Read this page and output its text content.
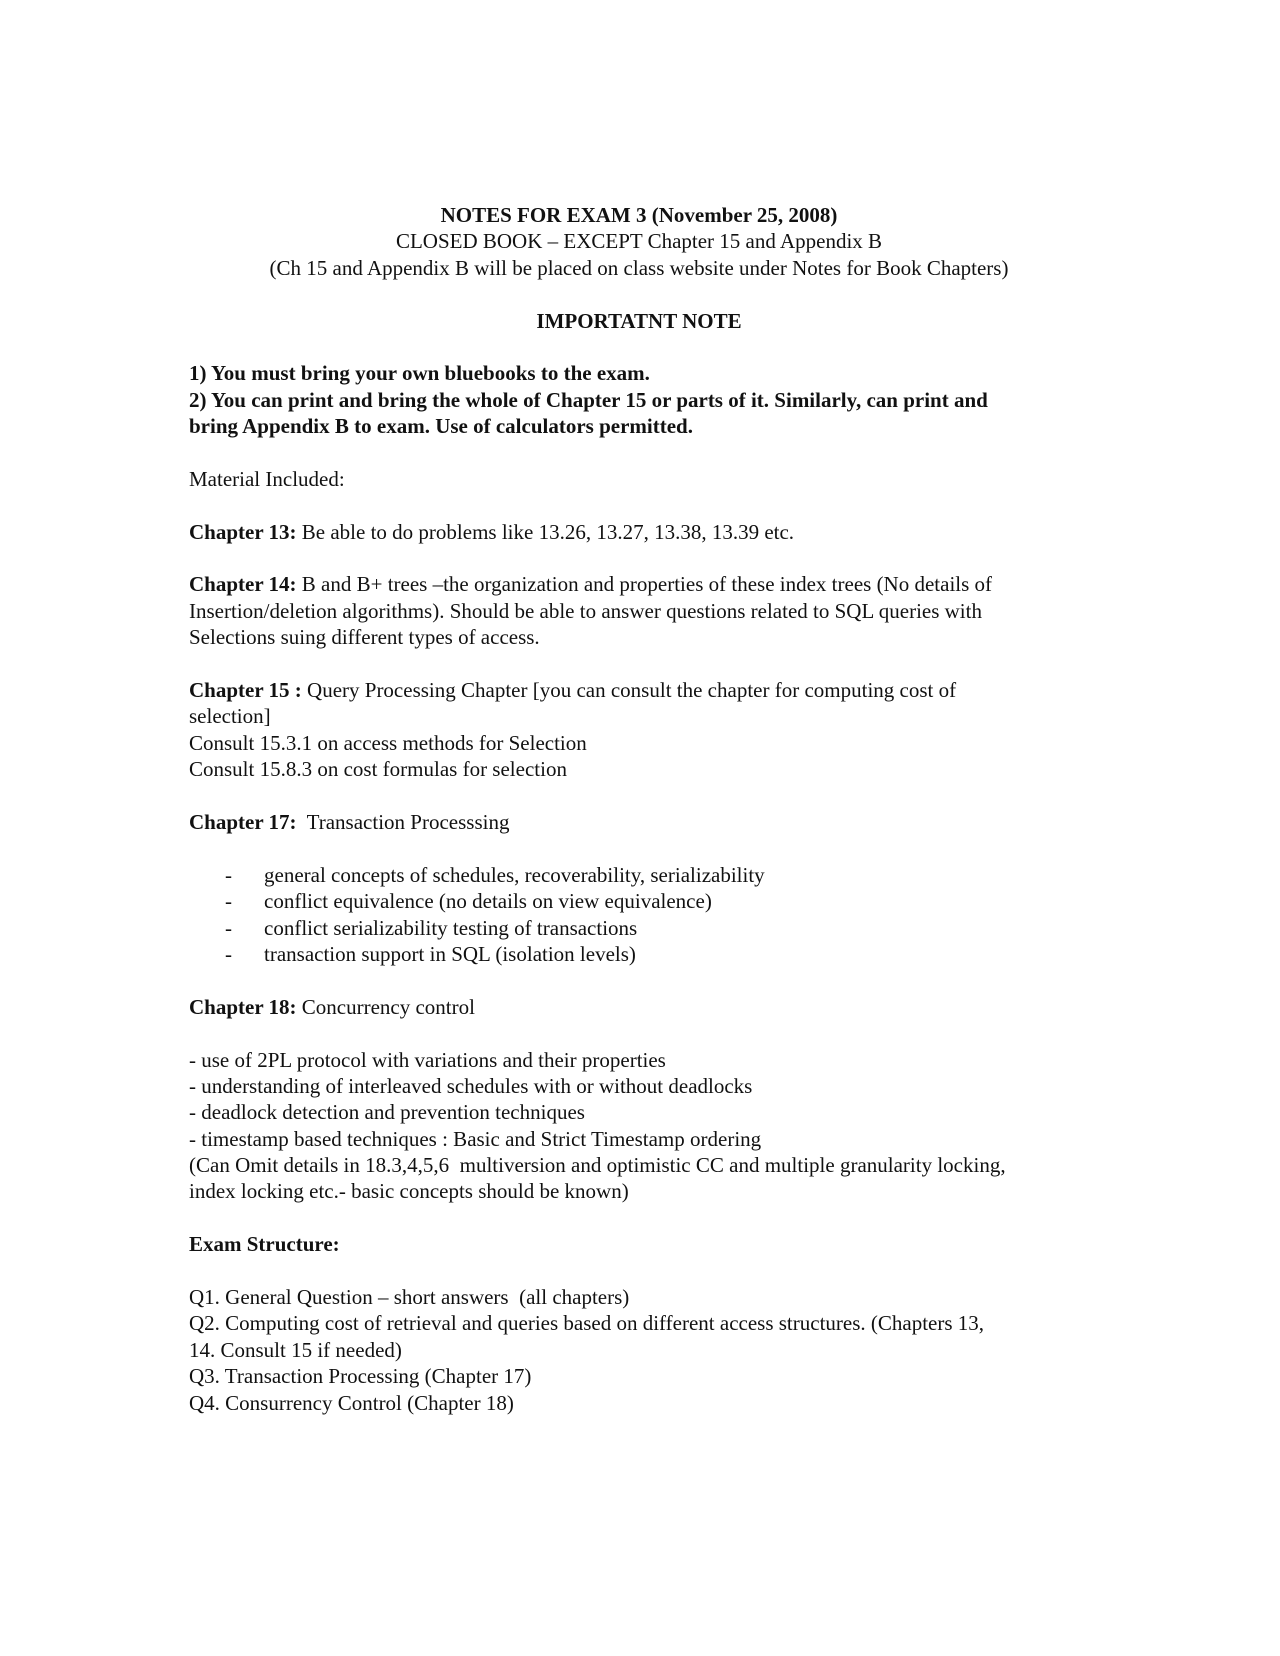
NOTES FOR EXAM 3 (November 25, 2008)
CLOSED BOOK – EXCEPT Chapter 15 and Appendix B
(Ch 15 and Appendix B will be placed on class website under Notes for Book Chapters)
IMPORTATNT NOTE
1) You must bring your own bluebooks to the exam.
2) You can print and bring the whole of Chapter 15 or parts of it. Similarly, can print and
bring Appendix B to exam. Use of calculators permitted.
Material Included:
Chapter 13: Be able to do problems like 13.26, 13.27, 13.38, 13.39 etc.
Chapter 14: B and B+ trees –the organization and properties of these index trees (No details of
Insertion/deletion algorithms). Should be able to answer questions related to SQL queries with
Selections suing different types of access.
Chapter 15 : Query Processing Chapter [you can consult the chapter for computing cost of
selection]
Consult 15.3.1 on access methods for Selection
Consult 15.8.3 on cost formulas for selection
Chapter 17:  Transaction Processsing
- general concepts of schedules, recoverability, serializability
- conflict equivalence (no details on view equivalence)
- conflict serializability testing of transactions
- transaction support in SQL (isolation levels)
Chapter 18: Concurrency control
- use of 2PL protocol with variations and their properties
- understanding of interleaved schedules with or without deadlocks
- deadlock detection and prevention techniques
- timestamp based techniques : Basic and Strict Timestamp ordering
(Can Omit details in 18.3,4,5,6  multiversion and optimistic CC and multiple granularity locking,
index locking etc.- basic concepts should be known)
Exam Structure:
Q1. General Question – short answers  (all chapters)
Q2. Computing cost of retrieval and queries based on different access structures. (Chapters 13,
14. Consult 15 if needed)
Q3. Transaction Processing (Chapter 17)
Q4. Consurrency Control (Chapter 18)
